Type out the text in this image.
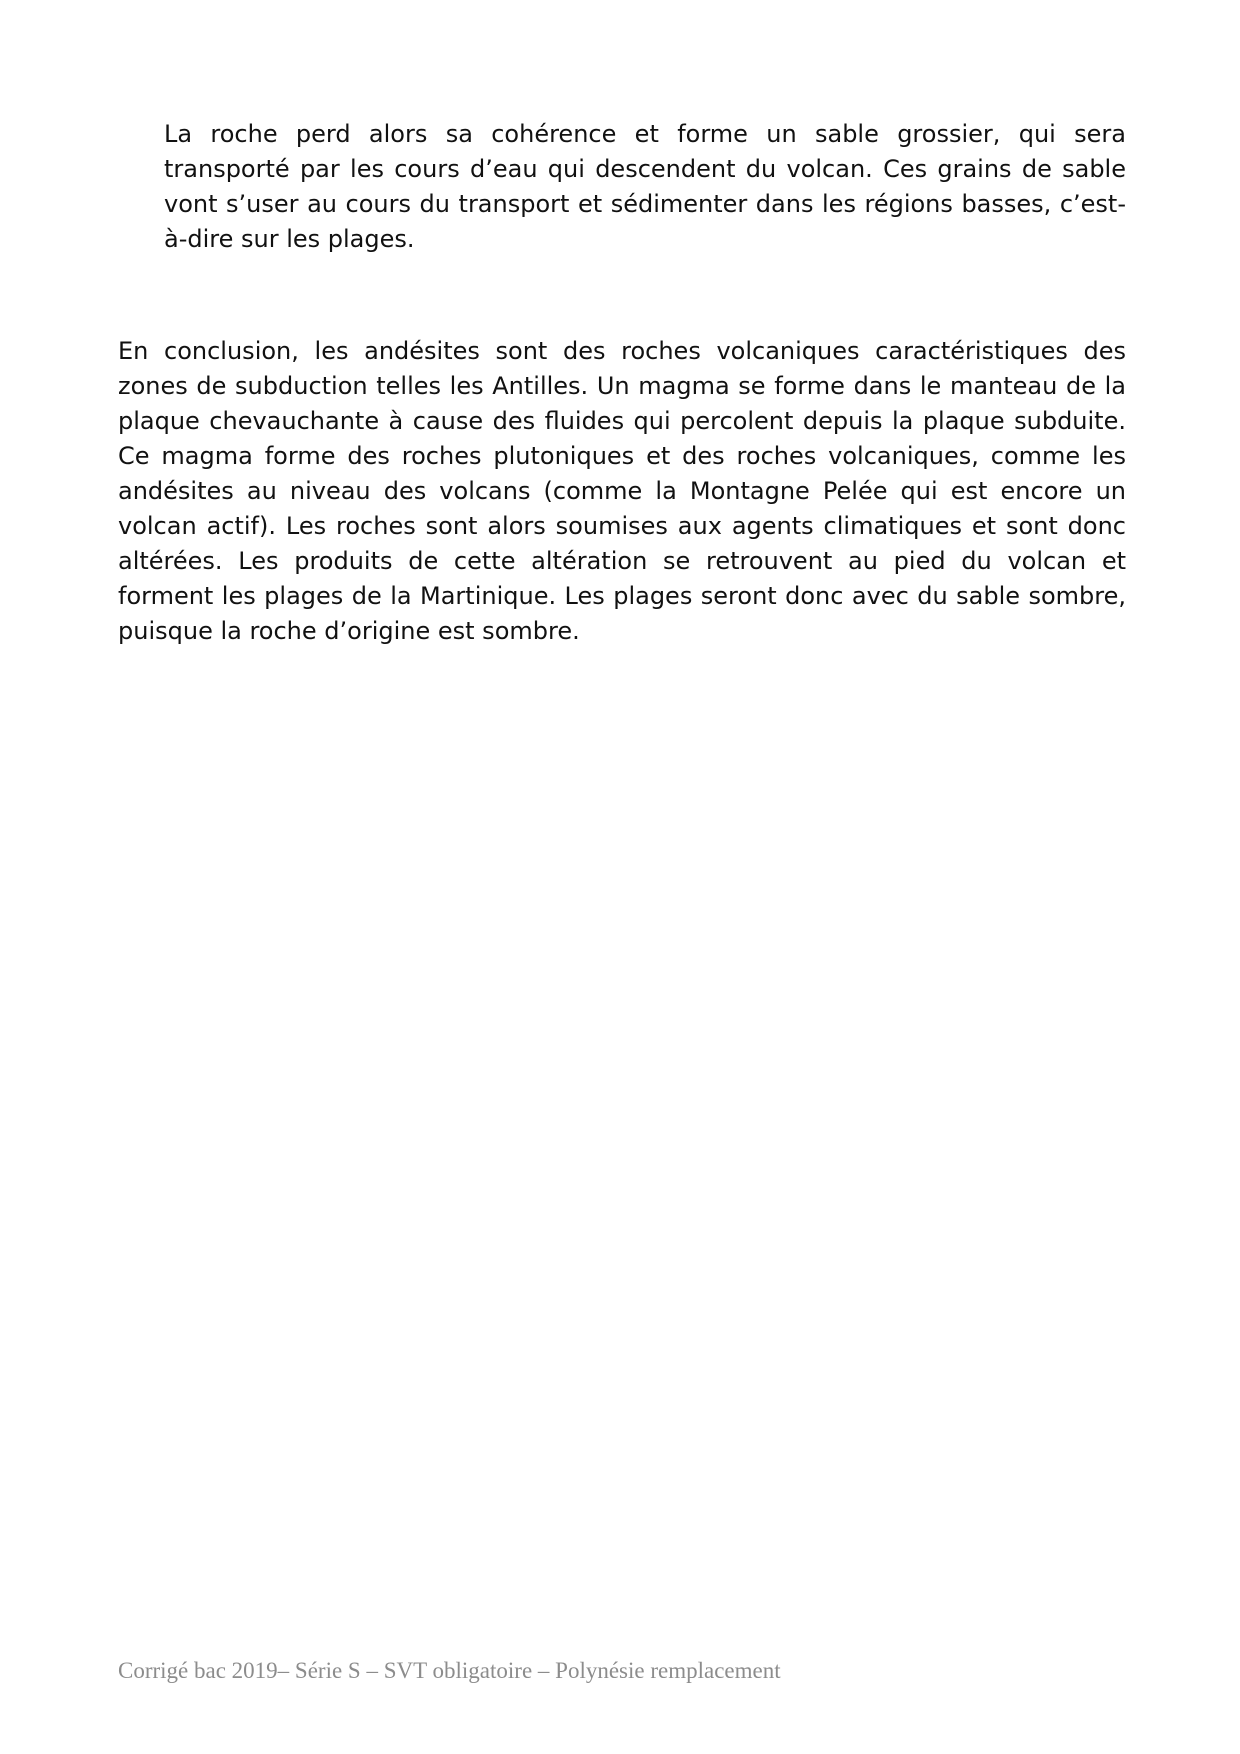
La roche perd alors sa cohérence et forme un sable grossier, qui sera transporté par les cours d’eau qui descendent du volcan. Ces grains de sable vont s’user au cours du transport et sédimenter dans les régions basses, c’est-à-dire sur les plages.

En conclusion, les andésites sont des roches volcaniques caractéristiques des zones de subduction telles les Antilles. Un magma se forme dans le manteau de la plaque chevauchante à cause des fluides qui percolent depuis la plaque subduite. Ce magma forme des roches plutoniques et des roches volcaniques, comme les andésites au niveau des volcans (comme la Montagne Pelée qui est encore un volcan actif). Les roches sont alors soumises aux agents climatiques et sont donc altérées. Les produits de cette altération se retrouvent au pied du volcan et forment les plages de la Martinique. Les plages seront donc avec du sable sombre, puisque la roche d’origine est sombre.

Corrigé bac 2019– Série S – SVT obligatoire – Polynésie remplacement
